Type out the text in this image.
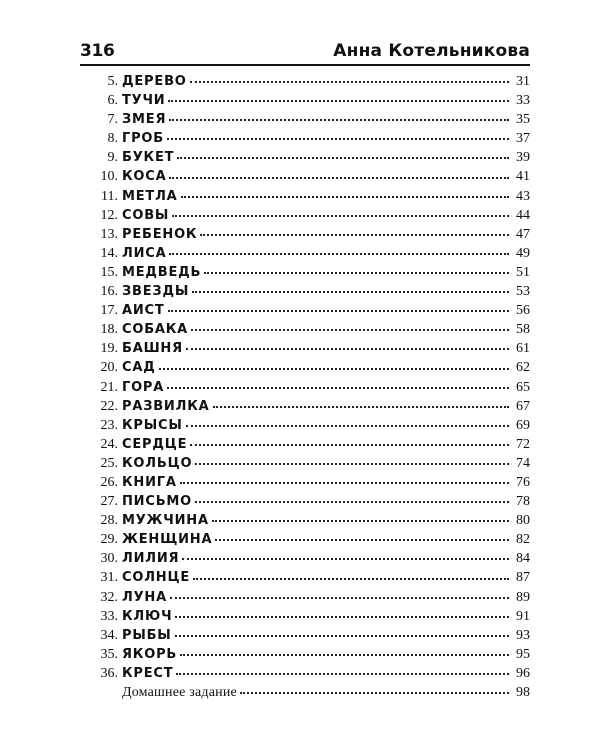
316	Анна Котельникова
5. ДЕРЕВО	31
6. ТУЧИ	33
7. ЗМЕЯ	35
8. ГРОБ	37
9. БУКЕТ	39
10. КОСА	41
11. МЕТЛА	43
12. СОВЫ	44
13. РЕБЕНОК	47
14. ЛИСА	49
15. МЕДВЕДЬ	51
16. ЗВЕЗДЫ	53
17. АИСТ	56
18. СОБАКА	58
19. БАШНЯ	61
20. САД	62
21. ГОРА	65
22. РАЗВИЛКА	67
23. КРЫСЫ	69
24. СЕРДЦЕ	72
25. КОЛЬЦО	74
26. КНИГА	76
27. ПИСЬМО	78
28. МУЖЧИНА	80
29. ЖЕНЩИНА	82
30. ЛИЛИЯ	84
31. СОЛНЦЕ	87
32. ЛУНА	89
33. КЛЮЧ	91
34. РЫБЫ	93
35. ЯКОРЬ	95
36. КРЕСТ	96
Домашнее задание	98
